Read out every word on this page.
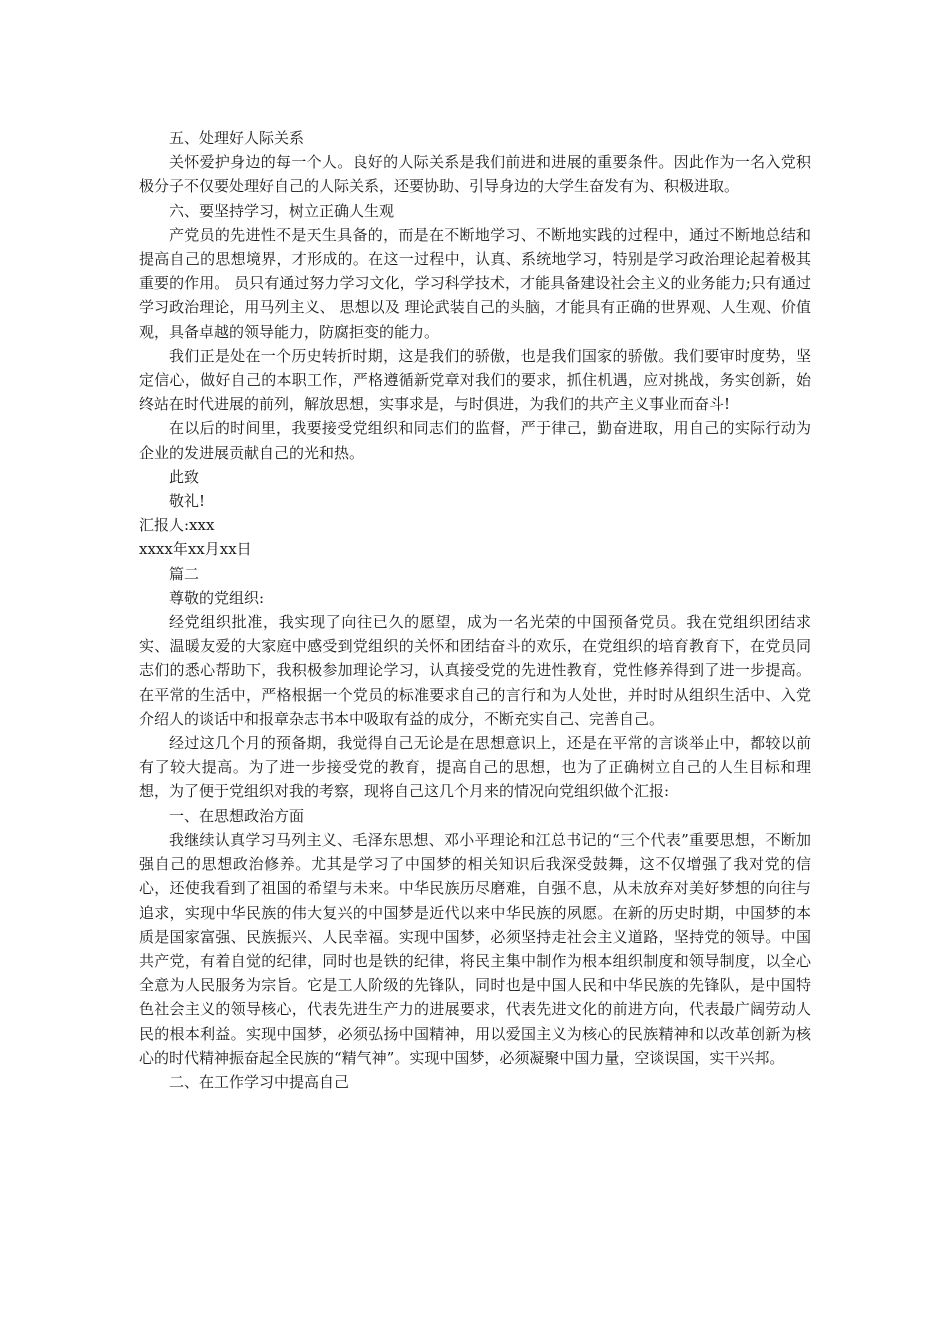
五、处理好人际关系

关怀爱护身边的每一个人。良好的人际关系是我们前进和进展的重要条件。因此作为一名入党积极分子不仅要处理好自己的人际关系，还要协助、引导身边的大学生奋发有为、积极进取。

六、要坚持学习，树立正确人生观

产党员的先进性不是天生具备的，而是在不断地学习、不断地实践的过程中，通过不断地总结和提高自己的思想境界，才形成的。在这一过程中，认真、系统地学习，特别是学习政治理论起着极其重要的作用。 员只有通过努力学习文化，学习科学技术，才能具备建设社会主义的业务能力;只有通过学习政治理论，用马列主义、 思想以及 理论武装自己的头脑，才能具有正确的世界观、人生观、价值观，具备卓越的领导能力，防腐拒变的能力。

我们正是处在一个历史转折时期，这是我们的骄傲，也是我们国家的骄傲。我们要审时度势，坚定信心，做好自己的本职工作，严格遵循新党章对我们的要求，抓住机遇，应对挑战，务实创新，始终站在时代进展的前列，解放思想，实事求是，与时俱进，为我们的共产主义事业而奋斗!

在以后的时间里，我要接受党组织和同志们的监督，严于律己，勤奋进取，用自己的实际行动为企业的发进展贡献自己的光和热。

此致

敬礼!

汇报人:xxx

xxxx年xx月xx日

篇二

尊敬的党组织:

经党组织批准，我实现了向往已久的愿望，成为一名光荣的中国预备党员。我在党组织团结求实、温暖友爱的大家庭中感受到党组织的关怀和团结奋斗的欢乐，在党组织的培育教育下，在党员同志们的悉心帮助下，我积极参加理论学习，认真接受党的先进性教育，党性修养得到了进一步提高。在平常的生活中，严格根据一个党员的标准要求自己的言行和为人处世，并时时从组织生活中、入党介绍人的谈话中和报章杂志书本中吸取有益的成分，不断充实自己、完善自己。

经过这几个月的预备期，我觉得自己无论是在思想意识上，还是在平常的言谈举止中，都较以前有了较大提高。为了进一步接受党的教育，提高自己的思想，也为了正确树立自己的人生目标和理想，为了便于党组织对我的考察，现将自己这几个月来的情况向党组织做个汇报:

一、在思想政治方面

我继续认真学习马列主义、毛泽东思想、邓小平理论和江总书记的“三个代表”重要思想，不断加强自己的思想政治修养。尤其是学习了中国梦的相关知识后我深受鼓舞，这不仅增强了我对党的信心，还使我看到了祖国的希望与未来。中华民族历尽磨难，自强不息，从未放弃对美好梦想的向往与追求，实现中华民族的伟大复兴的中国梦是近代以来中华民族的夙愿。在新的历史时期，中国梦的本质是国家富强、民族振兴、人民幸福。实现中国梦，必须坚持走社会主义道路，坚持党的领导。中国共产党，有着自觉的纪律，同时也是铁的纪律，将民主集中制作为根本组织制度和领导制度，以全心全意为人民服务为宗旨。它是工人阶级的先锋队，同时也是中国人民和中华民族的先锋队，是中国特色社会主义的领导核心，代表先进生产力的进展要求，代表先进文化的前进方向，代表最广阔劳动人民的根本利益。实现中国梦，必须弘扬中国精神，用以爱国主义为核心的民族精神和以改革创新为核心的时代精神振奋起全民族的“精气神”。实现中国梦，必须凝聚中国力量，空谈误国，实干兴邦。

二、在工作学习中提高自己
